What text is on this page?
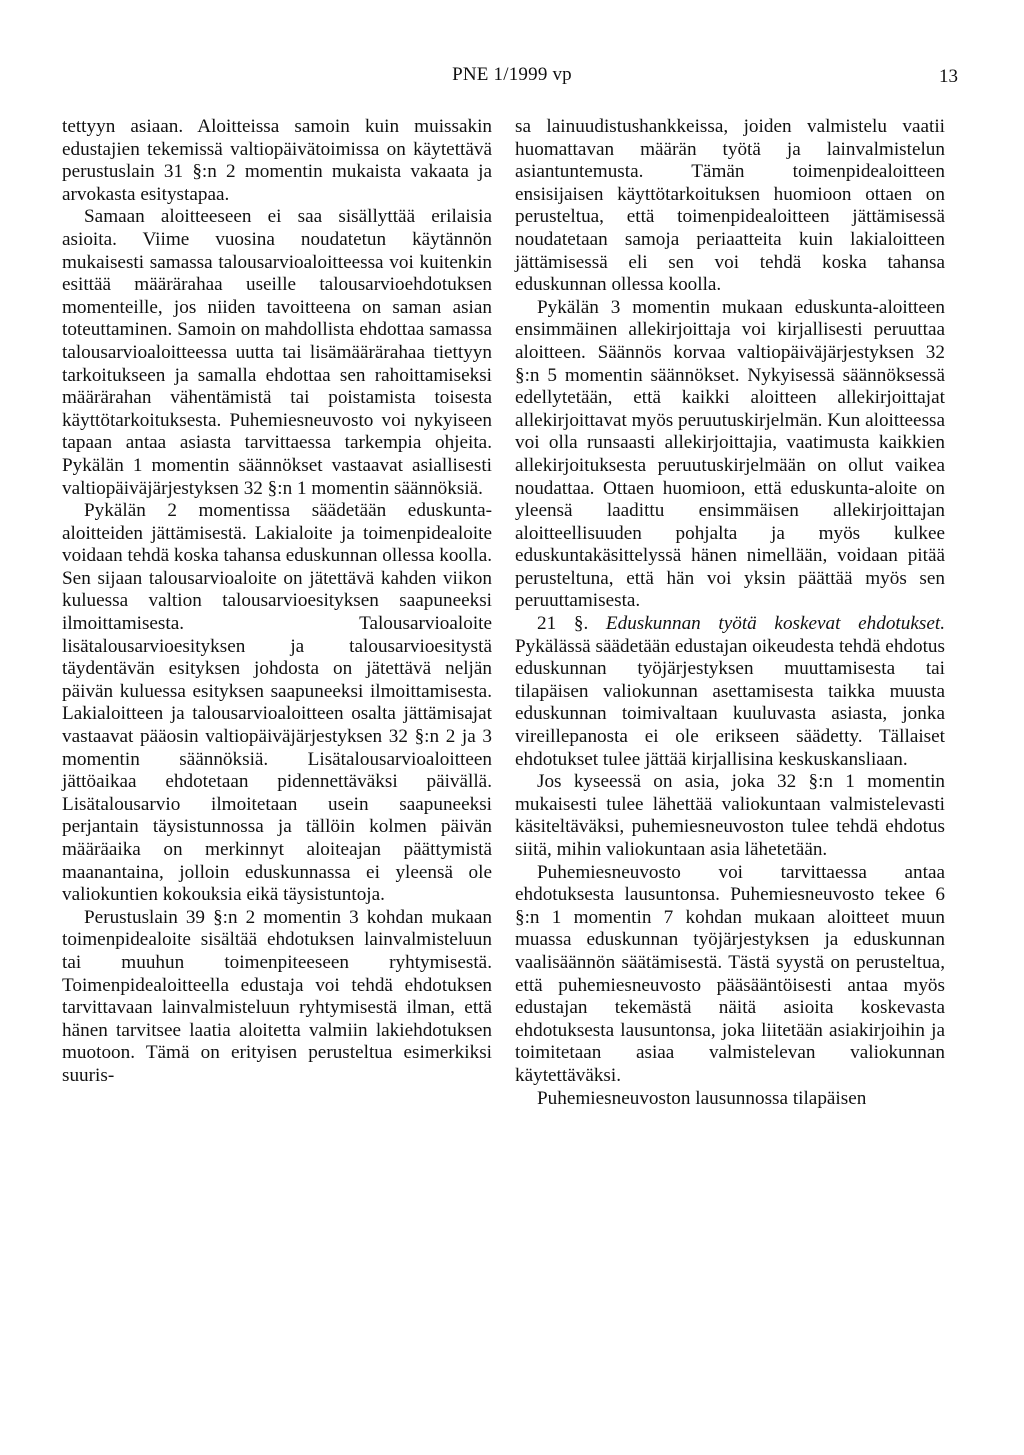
PNE 1/1999 vp	13

tettyyn asiaan. Aloitteissa samoin kuin muissakin edustajien tekemissä valtiopäivätoimissa on käytettävä perustuslain 31 §:n 2 momentin mukaista vakaata ja arvokasta esitystapaa.

Samaan aloitteeseen ei saa sisällyttää erilaisia asioita. Viime vuosina noudatetun käytännön mukaisesti samassa talousarvioaloitteessa voi kuitenkin esittää määrärahaa useille talousarvioehdotuksen momenteille, jos niiden tavoitteena on saman asian toteuttaminen. Samoin on mahdollista ehdottaa samassa talousarvioaloitteessa uutta tai lisämäärärahaa tiettyyn tarkoitukseen ja samalla ehdottaa sen rahoittamiseksi määrärahan vähentämistä tai poistamista toisesta käyttötarkoituksesta. Puhemiesneuvosto voi nykyiseen tapaan antaa asiasta tarvittaessa tarkempia ohjeita. Pykälän 1 momentin säännökset vastaavat asiallisesti valtiopäiväjärjestyksen 32 §:n 1 momentin säännöksiä.

Pykälän 2 momentissa säädetään eduskunta-aloitteiden jättämisestä. Lakialoite ja toimenpidealoite voidaan tehdä koska tahansa eduskunnan ollessa koolla. Sen sijaan talousarvioaloite on jätettävä kahden viikon kuluessa valtion talousarvioesityksen saapuneeksi ilmoittamisesta. Talousarvioaloite lisätalousarvioesityksen ja talousarvioesitystä täydentävän esityksen johdosta on jätettävä neljän päivän kuluessa esityksen saapuneeksi ilmoittamisesta. Lakialoitteen ja talousarvioaloitteen osalta jättämisajat vastaavat pääosin valtiopäiväjärjestyksen 32 §:n 2 ja 3 momentin säännöksiä. Lisätalousarvioaloitteen jättöaikaa ehdotetaan pidennettäväksi päivällä. Lisätalousarvio ilmoitetaan usein saapuneeksi perjantain täysistunnossa ja tällöin kolmen päivän määräaika on merkinnyt aloiteajan päättymistä maanantaina, jolloin eduskunnassa ei yleensä ole valiokuntien kokouksia eikä täysistuntoja.

Perustuslain 39 §:n 2 momentin 3 kohdan mukaan toimenpidealoite sisältää ehdotuksen lainvalmisteluun tai muuhun toimenpiteeseen ryhtymisestä. Toimenpidealoitteella edustaja voi tehdä ehdotuksen tarvittavaan lainvalmisteluun ryhtymisestä ilman, että hänen tarvitsee laatia aloitetta valmiin lakiehdotuksen muotoon. Tämä on erityisen perusteltua esimerkiksi suuris-

sa lainuudistushankkeissa, joiden valmistelu vaatii huomattavan määrän työtä ja lainvalmistelun asiantuntemusta. Tämän toimenpidealoitteen ensisijaisen käyttötarkoituksen huomioon ottaen on perusteltua, että toimenpidealoitteen jättämisessä noudatetaan samoja periaatteita kuin lakialoitteen jättämisessä eli sen voi tehdä koska tahansa eduskunnan ollessa koolla.

Pykälän 3 momentin mukaan eduskunta-aloitteen ensimmäinen allekirjoittaja voi kirjallisesti peruuttaa aloitteen. Säännös korvaa valtiopäiväjärjestyksen 32 §:n 5 momentin säännökset. Nykyisessä säännöksessä edellytetään, että kaikki aloitteen allekirjoittajat allekirjoittavat myös peruutuskirjelmän. Kun aloitteessa voi olla runsaasti allekirjoittajia, vaatimusta kaikkien allekirjoituksesta peruutuskirjelmään on ollut vaikea noudattaa. Ottaen huomioon, että eduskunta-aloite on yleensä laadittu ensimmäisen allekirjoittajan aloitteellisuuden pohjalta ja myös kulkee eduskuntakäsittelyssä hänen nimellään, voidaan pitää perusteltuna, että hän voi yksin päättää myös sen peruuttamisesta.

21 §. Eduskunnan työtä koskevat ehdotukset. Pykälässä säädetään edustajan oikeudesta tehdä ehdotus eduskunnan työjärjestyksen muuttamisesta tai tilapäisen valiokunnan asettamisesta taikka muusta eduskunnan toimivaltaan kuuluvasta asiasta, jonka vireillepanosta ei ole erikseen säädetty. Tällaiset ehdotukset tulee jättää kirjallisina keskuskansliaan.

Jos kyseessä on asia, joka 32 §:n 1 momentin mukaisesti tulee lähettää valiokuntaan valmistelevasti käsiteltäväksi, puhemiesneuvoston tulee tehdä ehdotus siitä, mihin valiokuntaan asia lähetetään.

Puhemiesneuvosto voi tarvittaessa antaa ehdotuksesta lausuntonsa. Puhemiesneuvosto tekee 6 §:n 1 momentin 7 kohdan mukaan aloitteet muun muassa eduskunnan työjärjestyksen ja eduskunnan vaalisäännön säätämisestä. Tästä syystä on perusteltua, että puhemiesneuvosto pääsääntöisesti antaa myös edustajan tekemästä näitä asioita koskevasta ehdotuksesta lausuntonsa, joka liitetään asiakirjoihin ja toimitetaan asiaa valmistelevan valiokunnan käytettäväksi.

Puhemiesneuvoston lausunnossa tilapäisen
